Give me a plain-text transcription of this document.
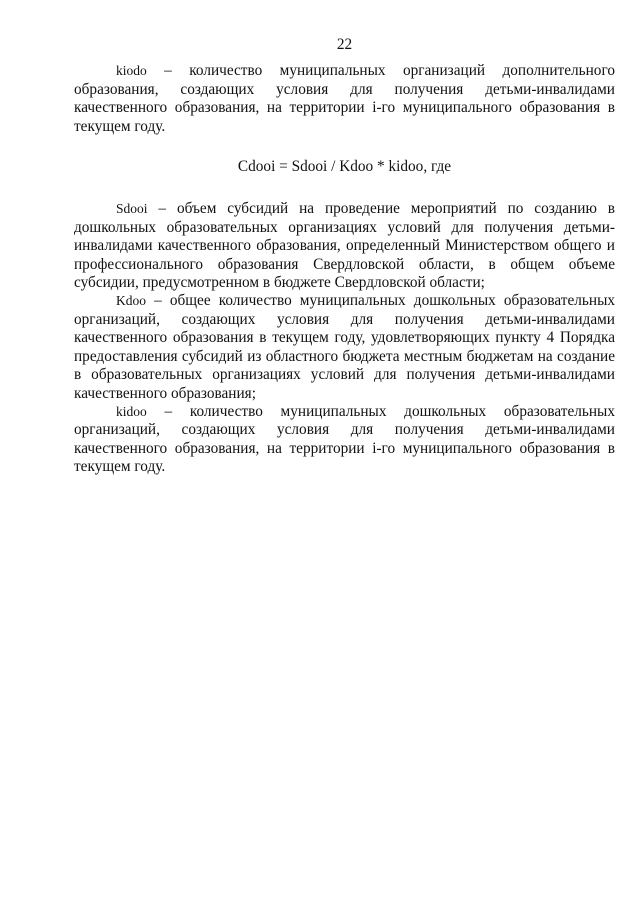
22

kiodo – количество муниципальных организаций дополнительного образования, создающих условия для получения детьми-инвалидами качественного образования, на территории i-го муниципального образования в текущем году.

Cdooi = Sdooi / Kdoo * kidoo, где

Sdooi – объем субсидий на проведение мероприятий по созданию в дошкольных образовательных организациях условий для получения детьми-инвалидами качественного образования, определенный Министерством общего и профессионального образования Свердловской области, в общем объеме субсидии, предусмотренном в бюджете Свердловской области;

Kdoo – общее количество муниципальных дошкольных образовательных организаций, создающих условия для получения детьми-инвалидами качественного образования в текущем году, удовлетворяющих пункту 4 Порядка предоставления субсидий из областного бюджета местным бюджетам на создание в образовательных организациях условий для получения детьми-инвалидами качественного образования;

kidoo – количество муниципальных дошкольных образовательных организаций, создающих условия для получения детьми-инвалидами качественного образования, на территории i-го муниципального образования в текущем году.
